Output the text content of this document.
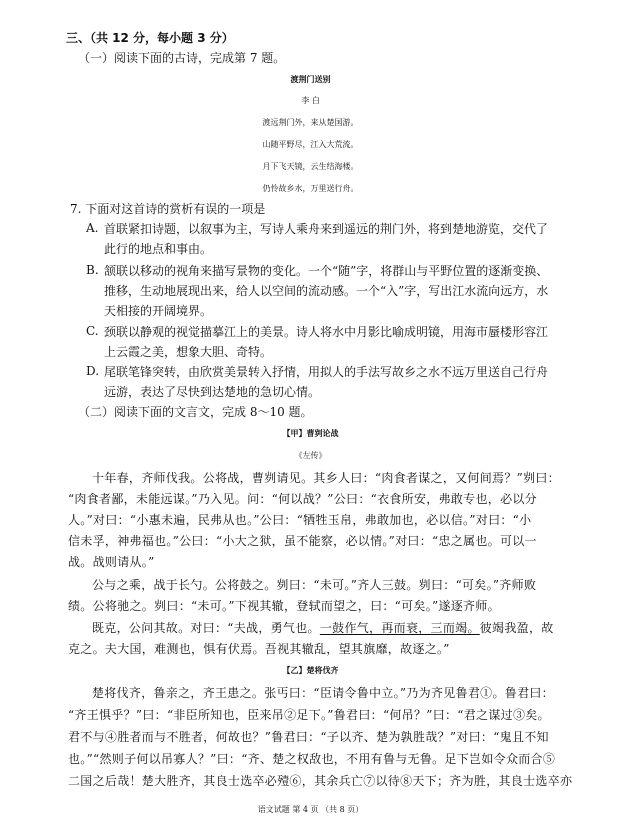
三、（共 12 分，每小题 3 分）
（一）阅读下面的古诗，完成第 7 题。
渡荆门送别
李 白
渡远荆门外，来从楚国游。
山随平野尽，江入大荒流。
月下飞天镜，云生结海楼。
仍怜故乡水，万里送行舟。
7. 下面对这首诗的赏析有误的一项是
A. 首联紧扣诗题，以叙事为主，写诗人乘舟来到遥远的荆门外，将到楚地游览，交代了
此行的地点和事由。
B. 颔联以移动的视角来描写景物的变化。一个“随”字，将群山与平野位置的逐渐变换、
推移，生动地展现出来，给人以空间的流动感。一个“入”字，写出江水流向远方，水
天相接的开阔境界。
C. 颈联以静观的视觉描摹江上的美景。诗人将水中月影比喻成明镜，用海市蜃楼形容江
上云霞之美，想象大胆、奇特。
D. 尾联笔锋突转，由欣赏美景转入抒情，用拟人的手法写故乡之水不远万里送自己行舟
远游，表达了尽快到达楚地的急切心情。
（二）阅读下面的文言文，完成 8～10 题。
【甲】曹刿论战
《左传》
十年春，齐师伐我。公将战，曹刿请见。其乡人曰：“肉食者谋之，又何间焉？”刿曰：
“肉食者鄙，未能远谋。”乃入见。问：“何以战？”公曰：“衣食所安，弗敢专也，必以分
人。”对曰：“小惠未遍，民弗从也。”公曰：“牺牲玉帛，弗敢加也，必以信。”对曰：“小
信未孚，神弗福也。”公曰：“小大之狱，虽不能察，必以情。”对曰：“忠之属也。可以一
战。战则请从。”
公与之乘，战于长勺。公将鼓之。刿曰：“未可。”齐人三鼓。刿曰：“可矣。”齐师败
绩。公将驰之。刿曰：“未可。”下视其辙，登轼而望之，曰：“可矣。”遂逐齐师。
既克，公问其故。对曰：“夫战，勇气也。一鼓作气，再而衰，三而竭。彼竭我盈，故
克之。夫大国，难测也，惧有伏焉。吾视其辙乱，望其旗靡，故逐之。”
【乙】楚将伐齐
楚将伐齐，鲁亲之，齐王患之。张丐曰：“臣请令鲁中立。”乃为齐见鲁君①。鲁君曰：
“齐王惧乎？”曰：“非臣所知也，臣来吊②足下。”鲁君曰：“何吊？”曰：“君之谋过③矣。
君不与④胜者而与不胜者，何故也？”鲁君曰：“子以齐、楚为孰胜哉？”对曰：“鬼且不知
也。”“然则子何以吊寡人？”曰：“齐、楚之权敌也，不用有鲁与无鲁。足下岂如令众而合⑤
二国之后哉！楚大胜齐，其良士选卒必殪⑥，其余兵亡⑦以待⑧天下；齐为胜，其良士选卒亦
语文试题 第 4 页 （共 8 页）
